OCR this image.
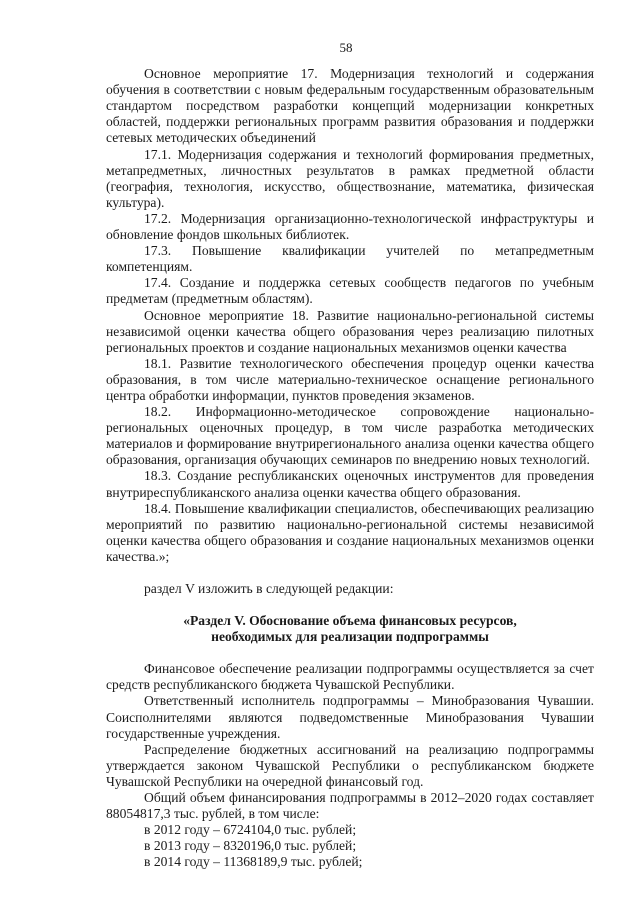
58

Основное мероприятие 17. Модернизация технологий и содержания обучения в соответствии с новым федеральным государственным образовательным стандартом посредством разработки концепций модернизации конкретных областей, поддержки региональных программ развития образования и поддержки сетевых методических объединений

17.1. Модернизация содержания и технологий формирования предметных, метапредметных, личностных результатов в рамках предметной области (география, технология, искусство, обществознание, математика, физическая культура).

17.2. Модернизация организационно-технологической инфраструктуры и обновление фондов школьных библиотек.

17.3. Повышение квалификации учителей по метапредметным компетенциям.

17.4. Создание и поддержка сетевых сообществ педагогов по учебным предметам (предметным областям).

Основное мероприятие 18. Развитие национально-региональной системы независимой оценки качества общего образования через реализацию пилотных региональных проектов и создание национальных механизмов оценки качества

18.1. Развитие технологического обеспечения процедур оценки качества образования, в том числе материально-техническое оснащение регионального центра обработки информации, пунктов проведения экзаменов.

18.2. Информационно-методическое сопровождение национально-региональных оценочных процедур, в том числе разработка методических материалов и формирование внутрирегионального анализа оценки качества общего образования, организация обучающих семинаров по внедрению новых технологий.

18.3. Создание республиканских оценочных инструментов для проведения внутриреспубликанского анализа оценки качества общего образования.

18.4. Повышение квалификации специалистов, обеспечивающих реализацию мероприятий по развитию национально-региональной системы независимой оценки качества общего образования и создание национальных механизмов оценки качества.»;

раздел V изложить в следующей редакции:

«Раздел V. Обоснование объема финансовых ресурсов,
необходимых для реализации подпрограммы

Финансовое обеспечение реализации подпрограммы осуществляется за счет средств республиканского бюджета Чувашской Республики.

Ответственный исполнитель подпрограммы – Минобразования Чувашии. Соисполнителями являются подведомственные Минобразования Чувашии государственные учреждения.

Распределение бюджетных ассигнований на реализацию подпрограммы утверждается законом Чувашской Республики о республиканском бюджете Чувашской Республики на очередной финансовый год.

Общий объем финансирования подпрограммы в 2012–2020 годах составляет 88054817,3 тыс. рублей, в том числе:

в 2012 году – 6724104,0 тыс. рублей;
в 2013 году – 8320196,0 тыс. рублей;
в 2014 году – 11368189,9 тыс. рублей;
